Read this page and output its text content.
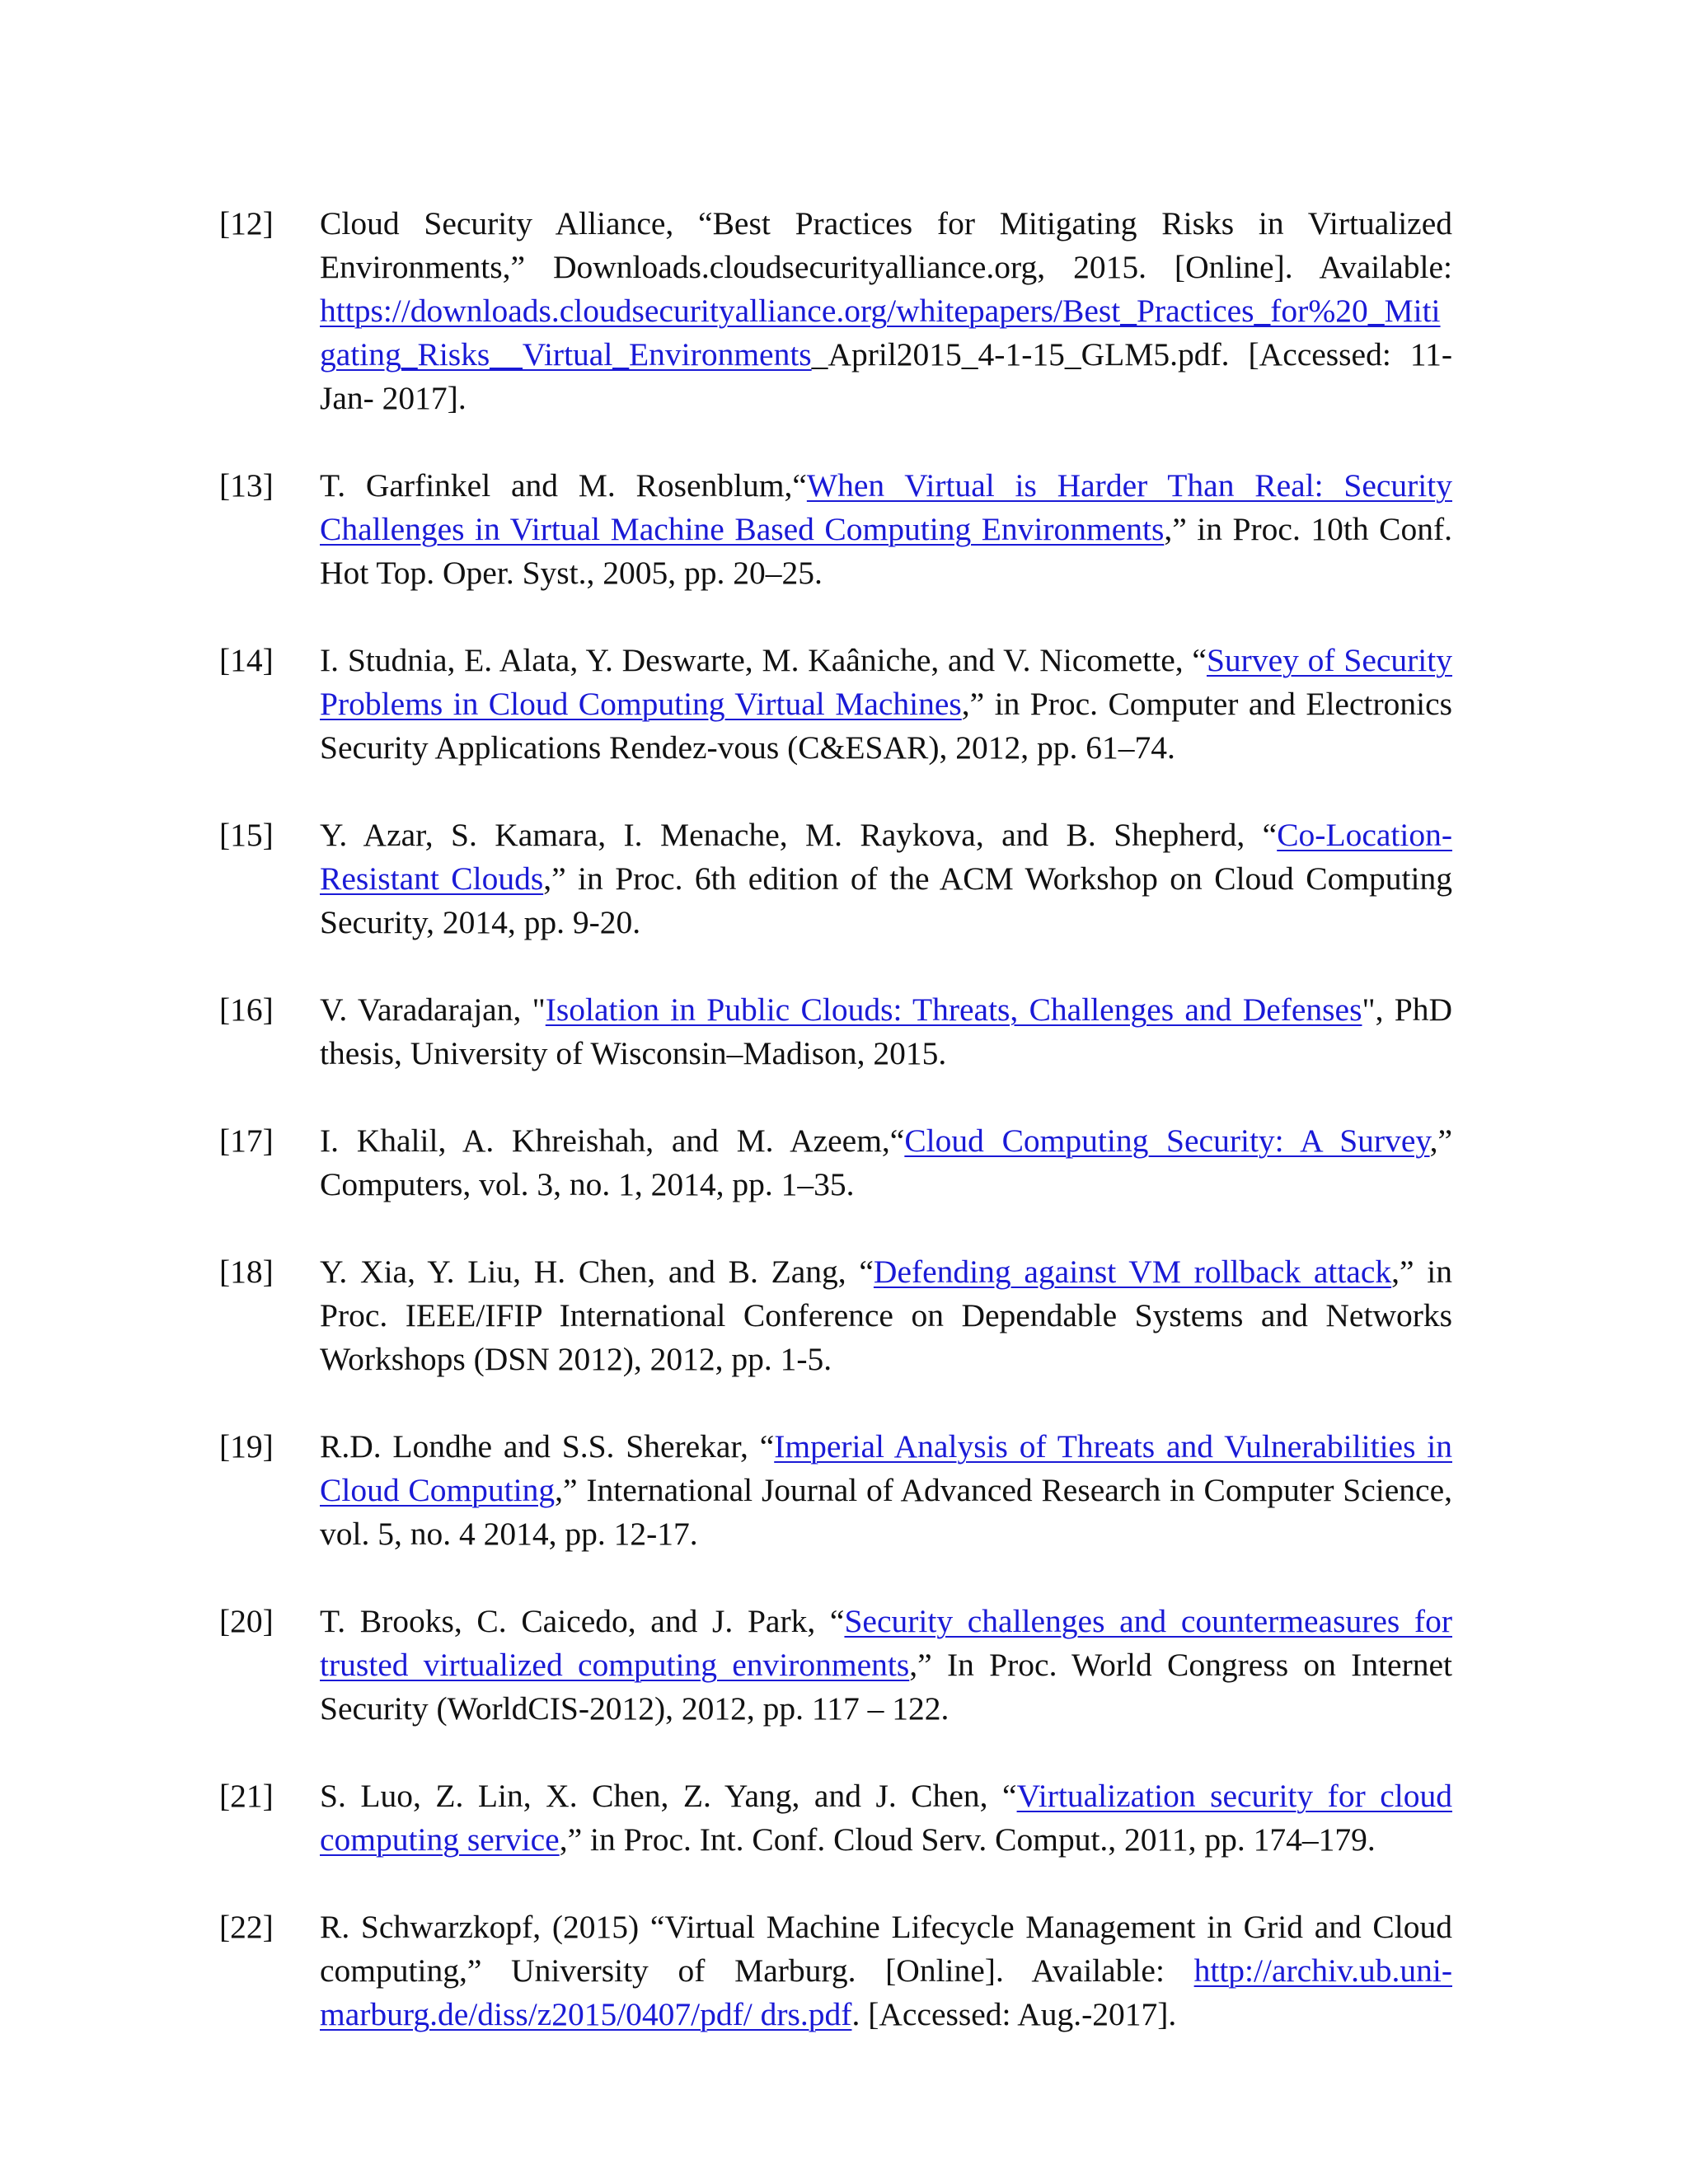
[12]	Cloud Security Alliance, “Best Practices for Mitigating Risks in Virtualized Environments,” Downloads.cloudsecurityalliance.org, 2015. [Online]. Available: https://downloads.cloudsecurityalliance.org/whitepapers/Best_Practices_for%20_Mitigating_Risks__Virtual_Environments_April2015_4-1-15_GLM5.pdf. [Accessed: 11- Jan- 2017].
[13]	T. Garfinkel and M. Rosenblum,“When Virtual is Harder Than Real: Security Challenges in Virtual Machine Based Computing Environments,” in Proc. 10th Conf. Hot Top. Oper. Syst., 2005, pp. 20–25.
[14]	I. Studnia, E. Alata, Y. Deswarte, M. Kaâniche, and V. Nicomette, “Survey of Security Problems in Cloud Computing Virtual Machines,” in Proc. Computer and Electronics Security Applications Rendez-vous (C&ESAR), 2012, pp. 61–74.
[15]	Y. Azar, S. Kamara, I. Menache, M. Raykova, and B. Shepherd, “Co-Location-Resistant Clouds,” in Proc. 6th edition of the ACM Workshop on Cloud Computing Security, 2014, pp. 9-20.
[16]	V. Varadarajan, "Isolation in Public Clouds: Threats, Challenges and Defenses", PhD thesis, University of Wisconsin–Madison, 2015.
[17]	I. Khalil, A. Khreishah, and M. Azeem,“Cloud Computing Security: A Survey,” Computers, vol. 3, no. 1, 2014, pp. 1–35.
[18]	Y. Xia, Y. Liu, H. Chen, and B. Zang, “Defending against VM rollback attack,” in Proc. IEEE/IFIP International Conference on Dependable Systems and Networks Workshops (DSN 2012), 2012, pp. 1-5.
[19]	R.D. Londhe and S.S. Sherekar, “Imperial Analysis of Threats and Vulnerabilities in Cloud Computing,” International Journal of Advanced Research in Computer Science, vol. 5, no. 4 2014, pp. 12-17.
[20]	T. Brooks, C. Caicedo, and J. Park, “Security challenges and countermeasures for trusted virtualized computing environments,” In Proc. World Congress on Internet Security (WorldCIS-2012), 2012, pp. 117 – 122.
[21]	S. Luo, Z. Lin, X. Chen, Z. Yang, and J. Chen, “Virtualization security for cloud computing service,” in Proc. Int. Conf. Cloud Serv. Comput., 2011, pp. 174–179.
[22]	R. Schwarzkopf, (2015) “Virtual Machine Lifecycle Management in Grid and Cloud computing,” University of Marburg. [Online]. Available: http://archiv.ub.uni-marburg.de/diss/z2015/0407/pdf/ drs.pdf. [Accessed: Aug.-2017].
